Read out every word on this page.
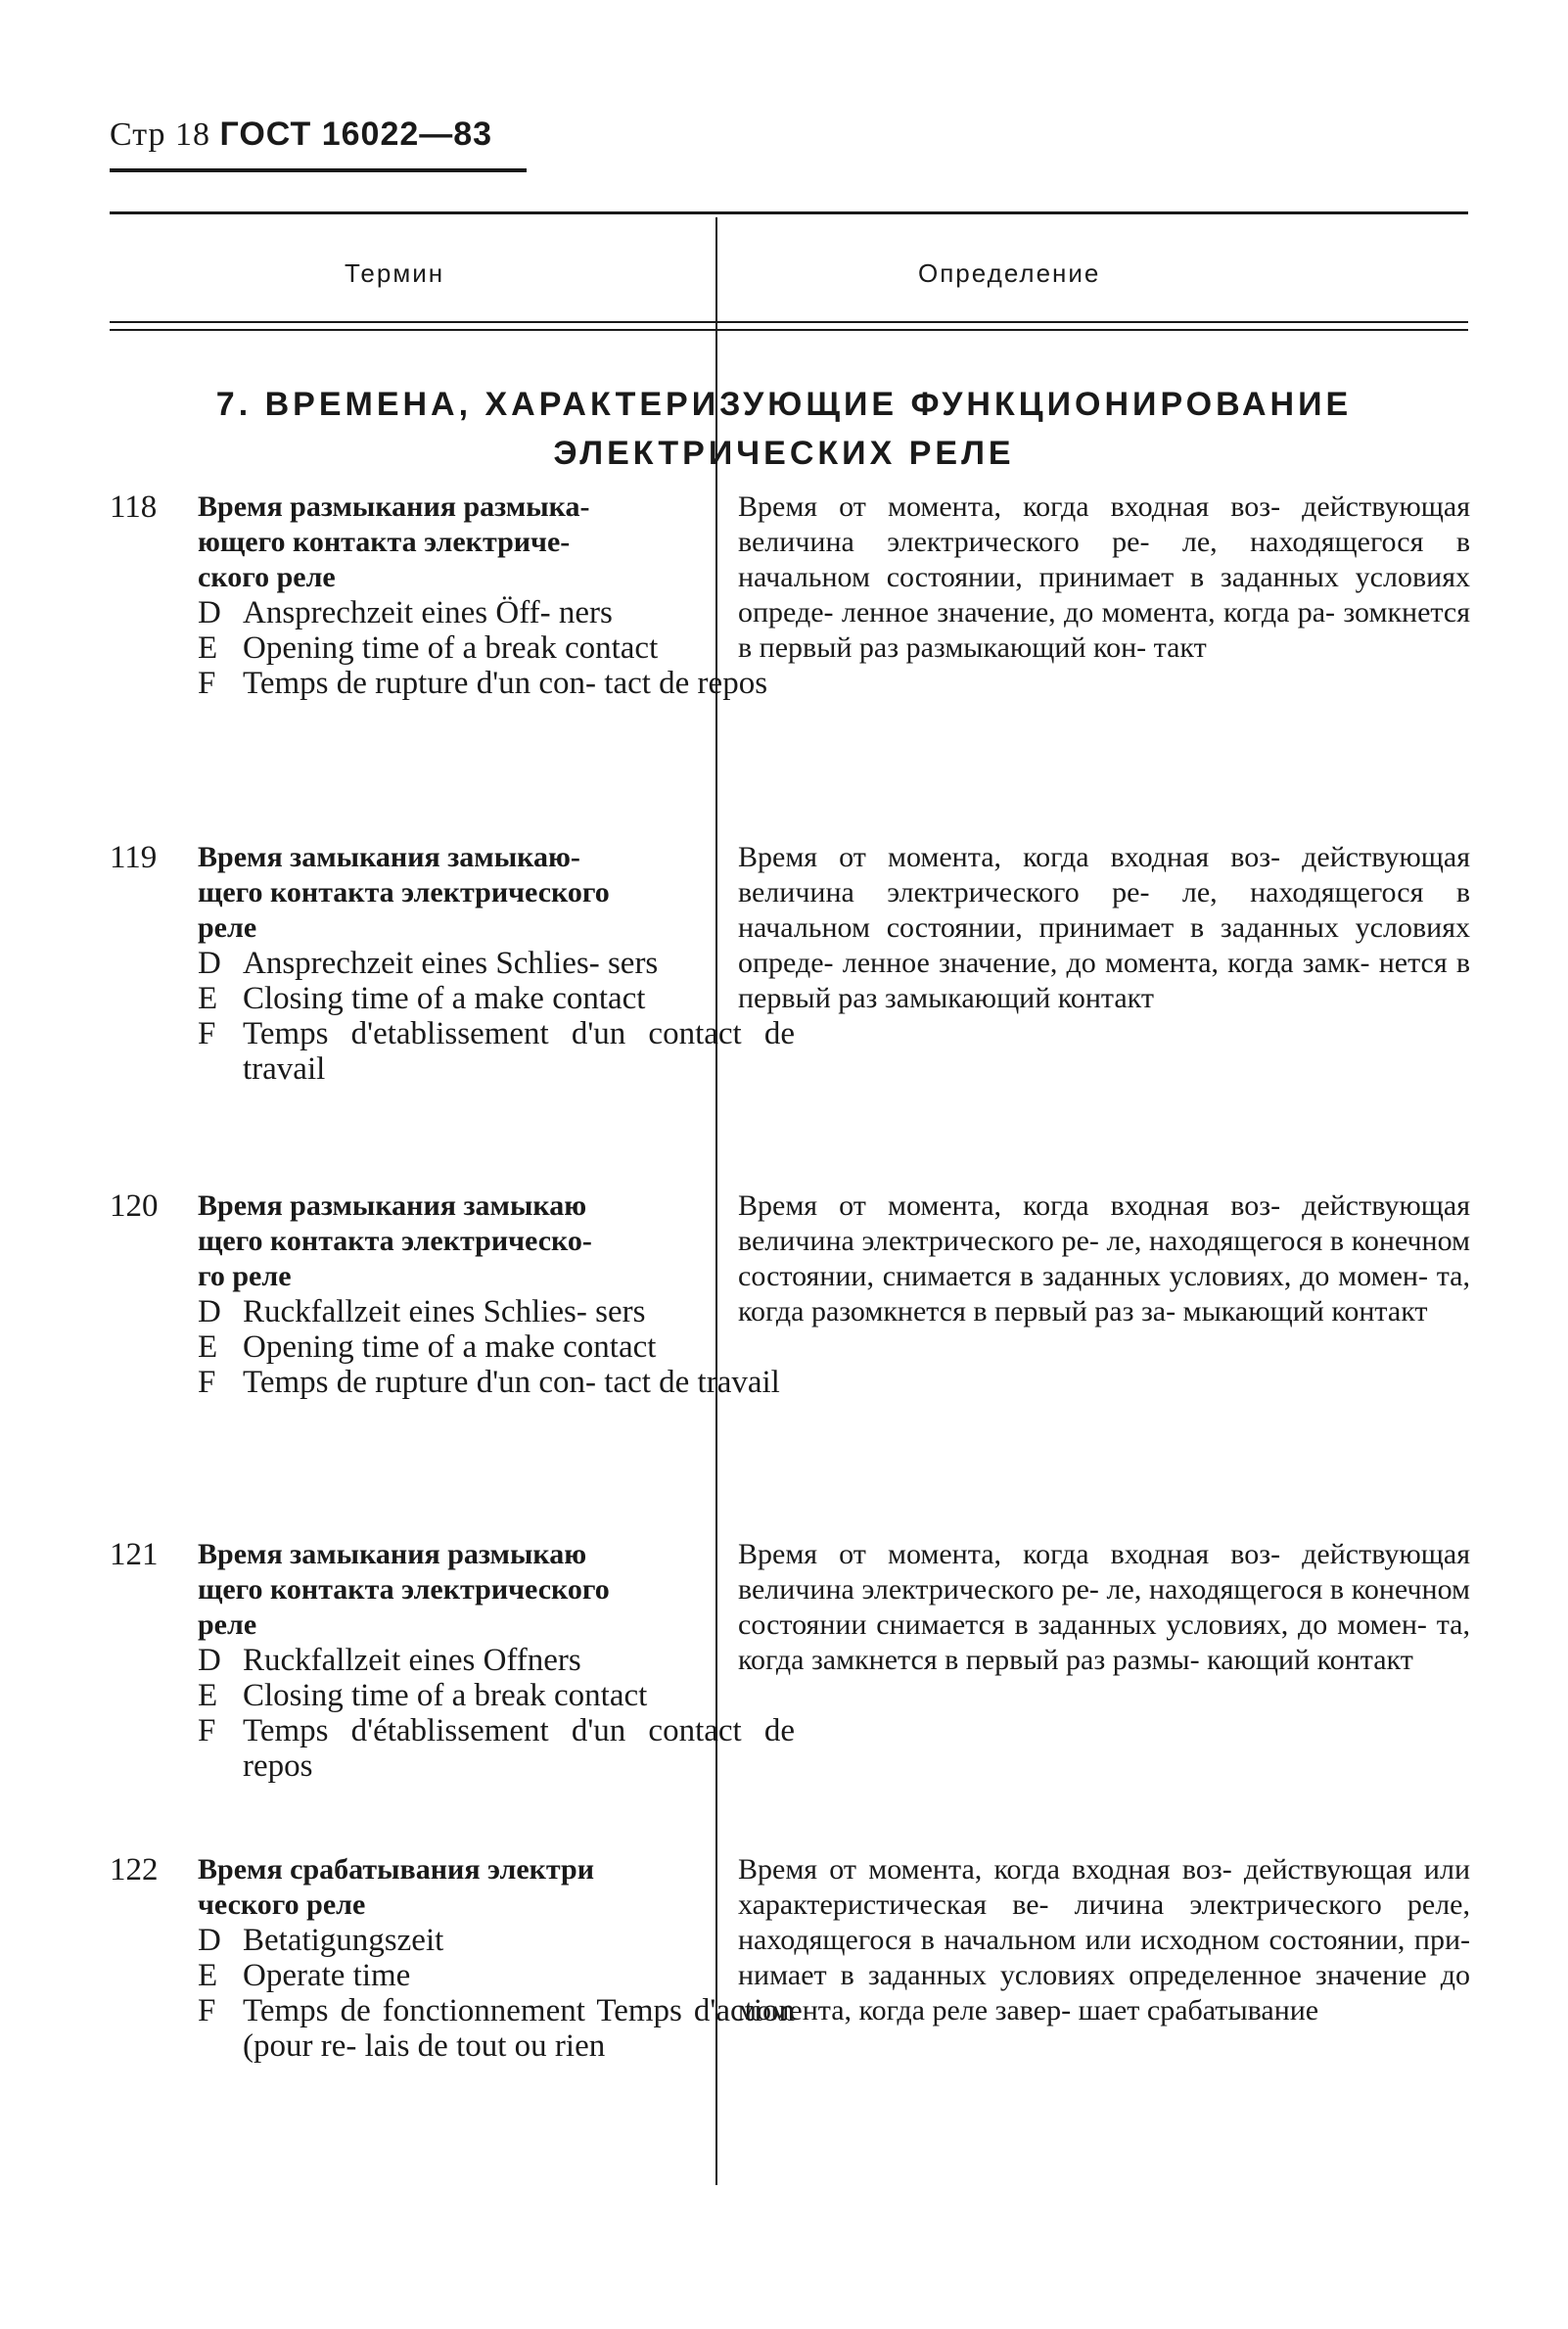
Стр 18 ГОСТ 16022—83
Термин	Определение
7. ВРЕМЕНА, ХАРАКТЕРИЗУЮЩИЕ ФУНКЦИОНИРОВАНИЕ
ЭЛЕКТРИЧЕСКИХ РЕЛЕ
118 Время размыкания размыка-
ющего контакта электриче-
ского реле
D Ansprechzeit eines Öff- ners
E Opening time of a break contact
F Temps de rupture d'un con- tact de repos
Время от момента, когда входная воз- действующая величина электрического ре- ле, находящегося в начальном состоянии, принимает в заданных условиях опреде- ленное значение, до момента, когда ра- зомкнется в первый раз размыкающий кон- такт
119 Время замыкания замыкаю-
щего контакта электрического
реле
D Ansprechzeit eines Schlies- sers
E Closing time of a make contact
F Temps d'etablissement d'un contact de travail
Время от момента, когда входная воз- действующая величина электрического ре- ле, находящегося в начальном состоянии, принимает в заданных условиях опреде- ленное значение, до момента, когда замк- нется в первый раз замыкающий контакт
120 Время размыкания замыкаю
щего контакта электрическо-
го реле
D Ruckfallzeit eines Schlies- sers
E Opening time of a make contact
F Temps de rupture d'un con- tact de travail
Время от момента, когда входная воз- действующая величина электрического ре- ле, находящегося в конечном состоянии, снимается в заданных условиях, до момен- та, когда разомкнется в первый раз за- мыкающий контакт
121 Время замыкания размыкаю
щего контакта электрического
реле
D Ruckfallzeit eines Offners
E Closing time of a break contact
F Temps d'établissement d'un contact de repos
Время от момента, когда входная воз- действующая величина электрического ре- ле, находящегося в конечном состоянии снимается в заданных условиях, до момен- та, когда замкнется в первый раз размы- кающий контакт
122 Время срабатывания электри
ческого реле
D Betatigungszeit
E Operate time
F Temps de fonctionnement Temps d'action (pour re- lais de tout ou rien
Время от момента, когда входная воз- действующая или характеристическая ве- личина электрического реле, находящегося в начальном или исходном состоянии, при- нимает в заданных условиях определенное значение до момента, когда реле завер- шает срабатывание
